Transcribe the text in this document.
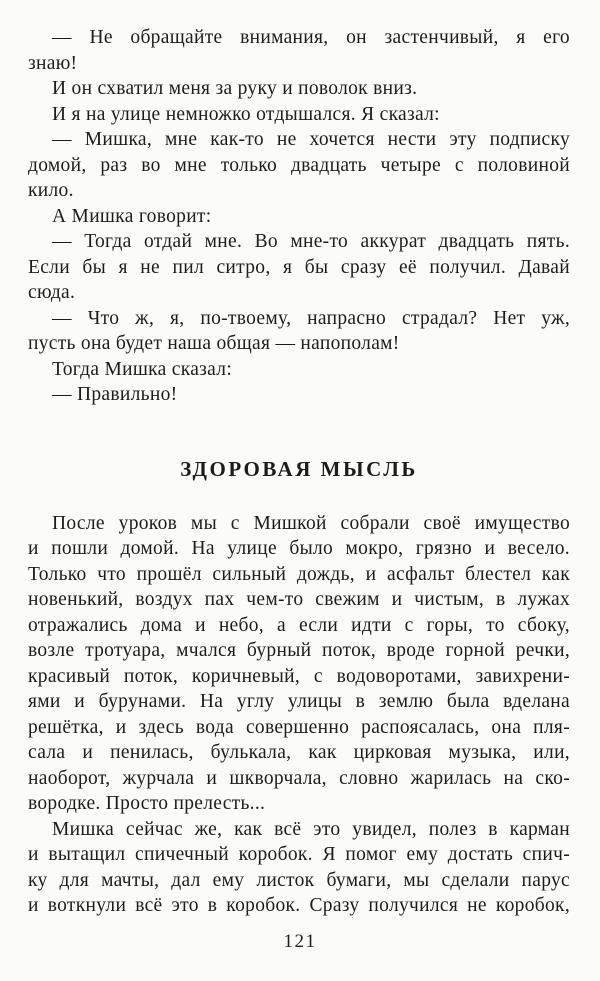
— Не обращайте внимания, он застенчивый, я его
знаю!
И он схватил меня за руку и поволок вниз.
И я на улице немножко отдышался. Я сказал:
— Мишка, мне как-то не хочется нести эту подписку
домой, раз во мне только двадцать четыре с половиной
кило.
А Мишка говорит:
— Тогда отдай мне. Во мне-то аккурат двадцать пять.
Если бы я не пил ситро, я бы сразу её получил. Давай
сюда.
— Что ж, я, по-твоему, напрасно страдал? Нет уж,
пусть она будет наша общая — напополам!
Тогда Мишка сказал:
— Правильно!
ЗДОРОВАЯ МЫСЛЬ
После уроков мы с Мишкой собрали своё имущество
и пошли домой. На улице было мокро, грязно и весело.
Только что прошёл сильный дождь, и асфальт блестел как
новенький, воздух пах чем-то свежим и чистым, в лужах
отражались дома и небо, а если идти с горы, то сбоку,
возле тротуара, мчался бурный поток, вроде горной речки,
красивый поток, коричневый, с водоворотами, завихрени-
ями и бурунами. На углу улицы в землю была вделана
решётка, и здесь вода совершенно распоясалась, она пля-
сала и пенилась, булькала, как цирковая музыка, или,
наоборот, журчала и шкворчала, словно жарилась на ско-
вородке. Просто прелесть...
Мишка сейчас же, как всё это увидел, полез в карман
и вытащил спичечный коробок. Я помог ему достать спич-
ку для мачты, дал ему листок бумаги, мы сделали парус
и воткнули всё это в коробок. Сразу получился не коробок,
121
